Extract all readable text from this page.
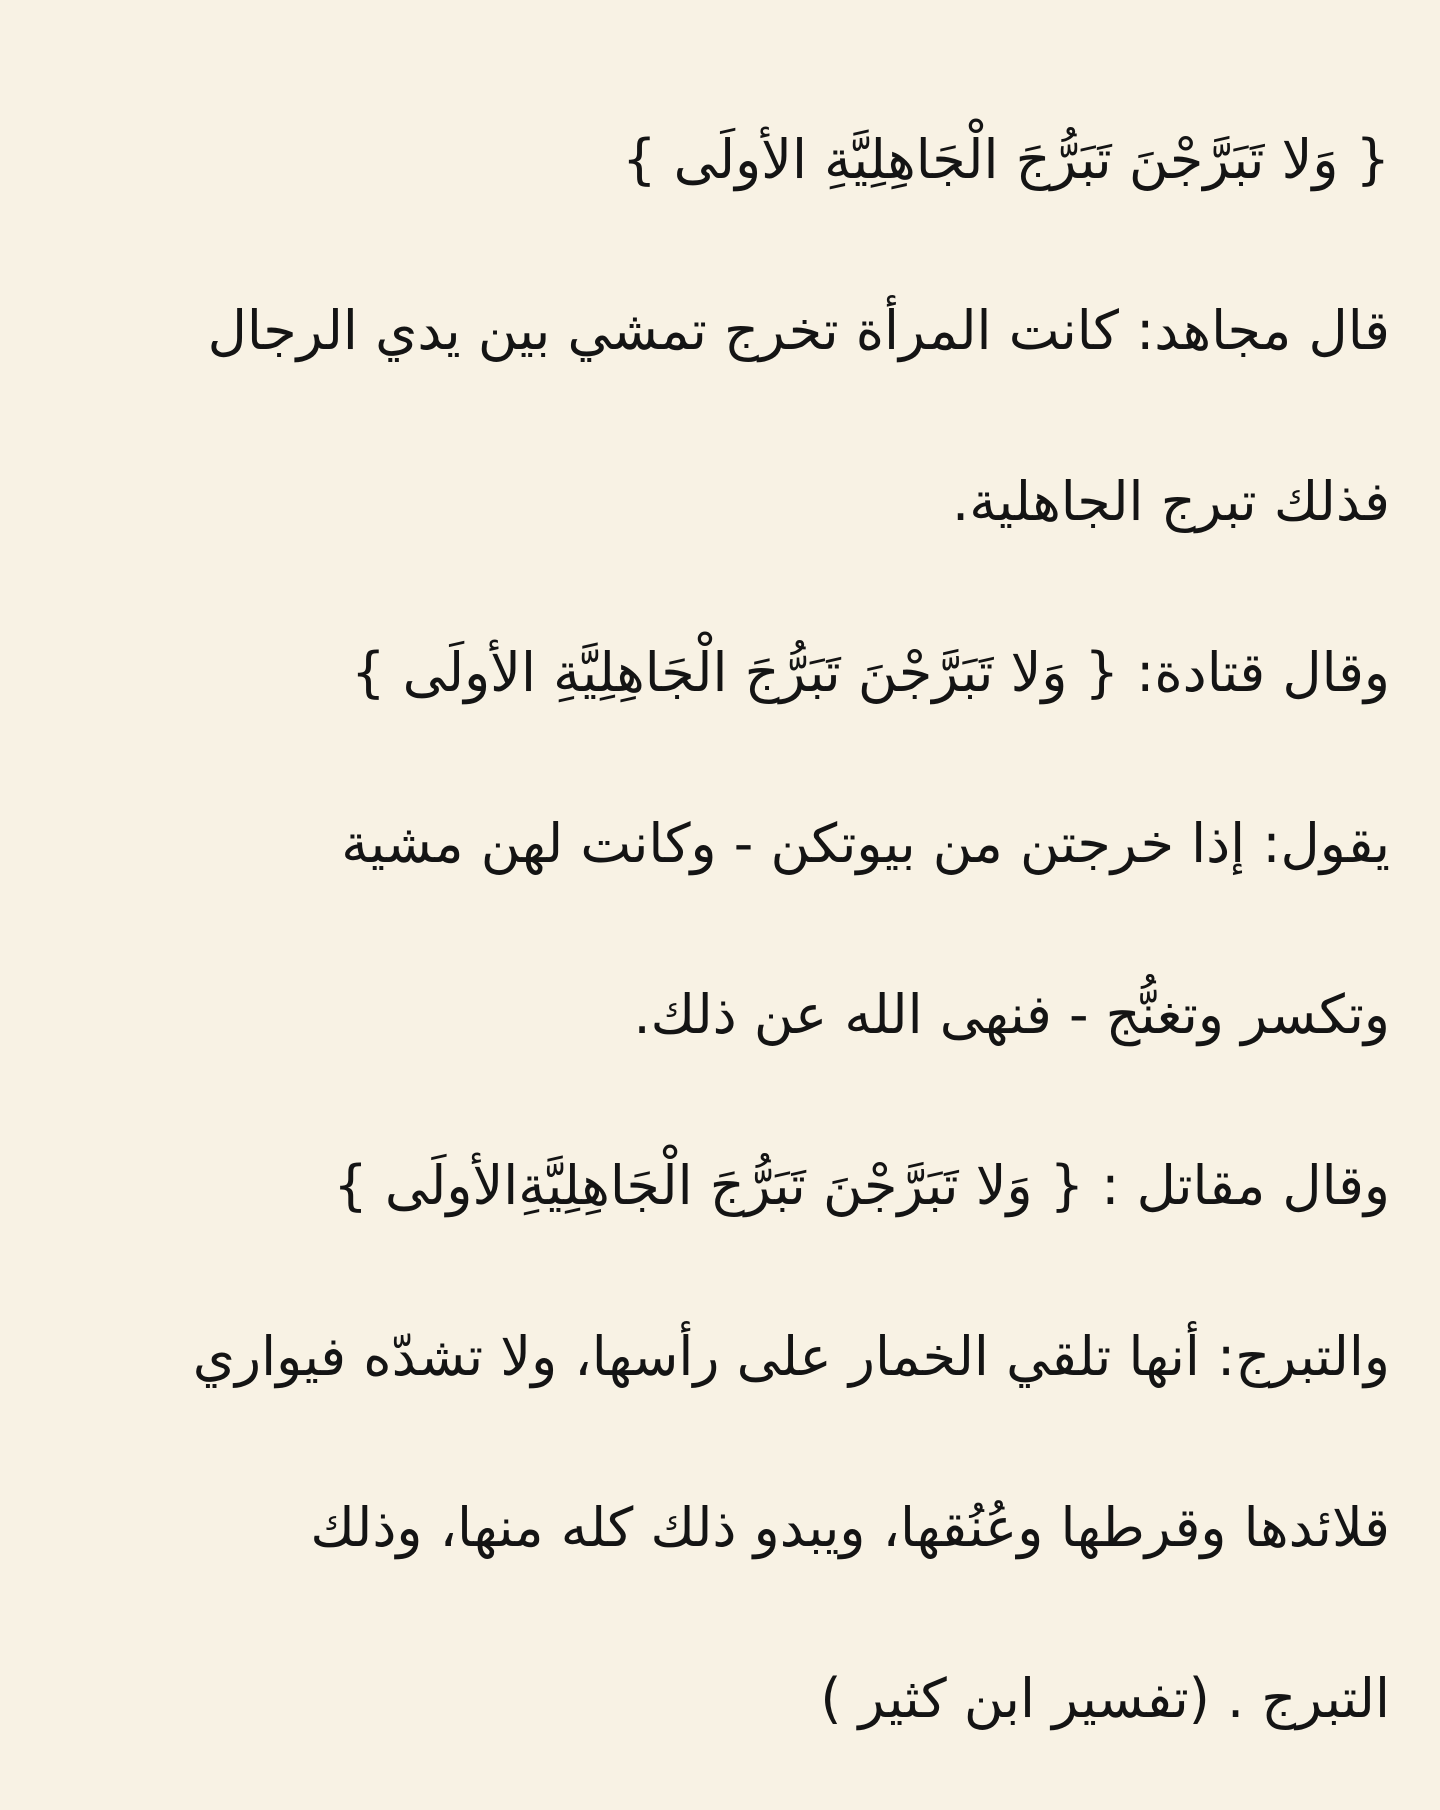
{ وَلا تَبَرَّجْنَ تَبَرُّجَ الْجَاهِلِيَّةِ الأولَى }
قال مجاهد: كانت المرأة تخرج تمشي بين يدي الرجال
فذلك تبرج الجاهلية.
وقال قتادة: { وَلا تَبَرَّجْنَ تَبَرُّجَ الْجَاهِلِيَّةِ الأولَى }
يقول: إذا خرجتن من بيوتكن - وكانت لهن مشية
وتكسر وتغنُّج - فنهى الله عن ذلك.
وقال مقاتل : { وَلا تَبَرَّجْنَ تَبَرُّجَ الْجَاهِلِيَّةِالأولَى }
والتبرج: أنها تلقي الخمار على رأسها، ولا تشدّه فيواري
قلائدها وقرطها وعُنُقها، ويبدو ذلك كله منها، وذلك
التبرج . (تفسير ابن كثير )
